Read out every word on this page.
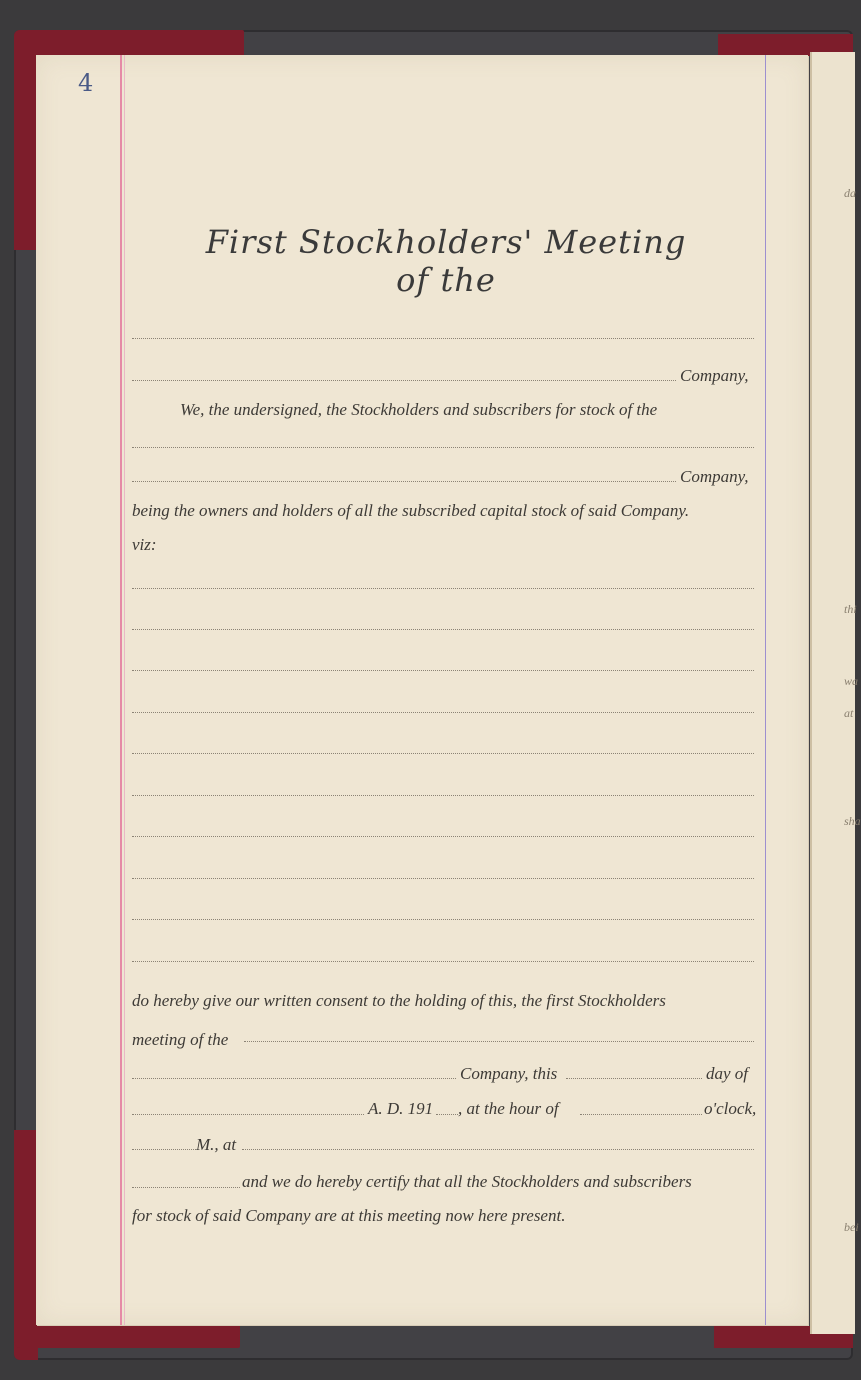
da
thi
wa
at
sha
bei
4
First Stockholders' Meeting of the
Company,
We, the undersigned, the Stockholders and subscribers for stock of the
Company,
being the owners and holders of all the subscribed capital stock of said Company.
viz:
do hereby give our written consent to the holding of this, the first Stockholders
meeting of the
Company, this	day of
A. D. 191 , at the hour of	o'clock,
M., at
and we do hereby certify that all the Stockholders and subscribers
for stock of said Company are at this meeting now here present.
